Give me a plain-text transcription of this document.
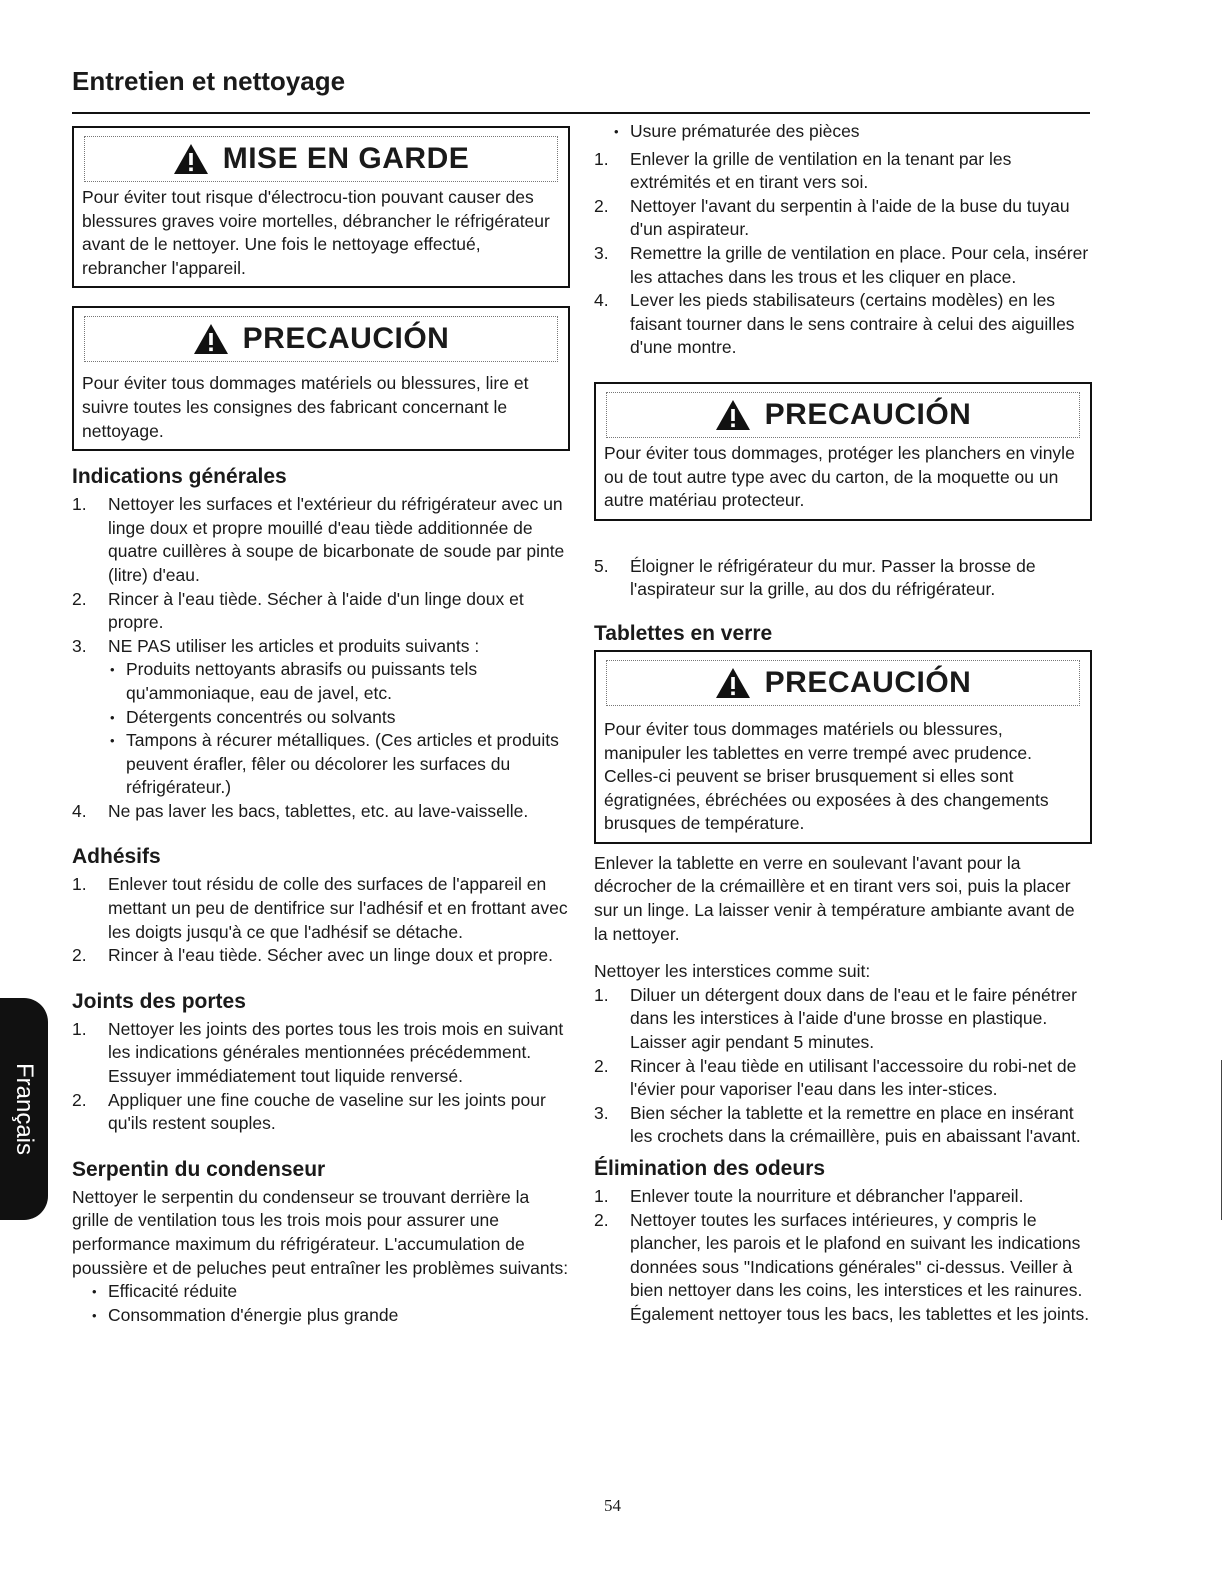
Entretien et nettoyage
MISE EN GARDE

Pour éviter tout risque d'électrocu-tion pouvant causer des blessures graves voire mortelles, débrancher le réfrigérateur avant de le nettoyer. Une fois le nettoyage effectué, rebrancher l'appareil.

PRECAUCIÓN

Pour éviter tous dommages matériels ou blessures, lire et suivre toutes les consignes des fabricant concernant le nettoyage.

Indications générales
1. Nettoyer les surfaces et l'extérieur du réfrigérateur avec un linge doux et propre mouillé d'eau tiède additionnée de quatre cuillères à soupe de bicarbonate de soude par pinte (litre) d'eau.
2. Rincer à l'eau tiède. Sécher à l'aide d'un linge doux et propre.
3. NE PAS utiliser les articles et produits suivants :
• Produits nettoyants abrasifs ou puissants tels qu'ammoniaque, eau de javel, etc.
• Détergents concentrés ou solvants
• Tampons à récurer métalliques. (Ces articles et produits peuvent érafler, fêler ou décolorer les surfaces du réfrigérateur.)
4. Ne pas laver les bacs, tablettes, etc. au lave-vaisselle.
Adhésifs
1. Enlever tout résidu de colle des surfaces de l'appareil en mettant un peu de dentifrice sur l'adhésif et en frottant avec les doigts jusqu'à ce que l'adhésif se détache.
2. Rincer à l'eau tiède. Sécher avec un linge doux et propre.
Joints des portes
1. Nettoyer les joints des portes tous les trois mois en suivant les indications générales mentionnées précédemment. Essuyer immédiatement tout liquide renversé.
2. Appliquer une fine couche de vaseline sur les joints pour qu'ils restent souples.
Serpentin du condenseur

Nettoyer le serpentin du condenseur se trouvant derrière la grille de ventilation tous les trois mois pour assurer une performance maximum du réfrigérateur. L'accumulation de poussière et de peluches peut entraîner les problèmes suivants:

• Efficacité réduite
• Consommation d'énergie plus grande
• Usure prématurée des pièces
1. Enlever la grille de ventilation en la tenant par les extrémités et en tirant vers soi.
2. Nettoyer l'avant du serpentin à l'aide de la buse du tuyau d'un aspirateur.
3. Remettre la grille de ventilation en place. Pour cela, insérer les attaches dans les trous et les cliquer en place.
4. Lever les pieds stabilisateurs (certains modèles) en les faisant tourner dans le sens contraire à celui des aiguilles d'une montre.
PRECAUCIÓN

Pour éviter tous dommages, protéger les planchers en vinyle ou de tout autre type avec du carton, de la moquette ou un autre matériau protecteur.

5. Éloigner le réfrigérateur du mur. Passer la brosse de l'aspirateur sur la grille, au dos du réfrigérateur.
Tablettes en verre
PRECAUCIÓN

Pour éviter tous dommages matériels ou blessures, manipuler les tablettes en verre trempé avec prudence. Celles-ci peuvent se briser brusquement si elles sont égratignées, ébréchées ou exposées à des changements brusques de température.

Enlever la tablette en verre en soulevant l'avant pour la décrocher de la crémaillère et en tirant vers soi, puis la placer sur un linge. La laisser venir à température ambiante avant de la nettoyer.

Nettoyer les interstices comme suit:

1. Diluer un détergent doux dans de l'eau et le faire pénétrer dans les interstices à l'aide d'une brosse en plastique. Laisser agir pendant 5 minutes.
2. Rincer à l'eau tiède en utilisant l'accessoire du robi-net de l'évier pour vaporiser l'eau dans les inter-stices.
3. Bien sécher la tablette et la remettre en place en insérant les crochets dans la crémaillère, puis en abaissant l'avant.
Élimination des odeurs
1. Enlever toute la nourriture et débrancher l'appareil.
2. Nettoyer toutes les surfaces intérieures, y compris le plancher, les parois et le plafond en suivant les indications données sous "Indications générales" ci-dessus. Veiller à bien nettoyer dans les coins, les interstices et les rainures. Également nettoyer tous les bacs, les tablettes et les joints.
Français
54
